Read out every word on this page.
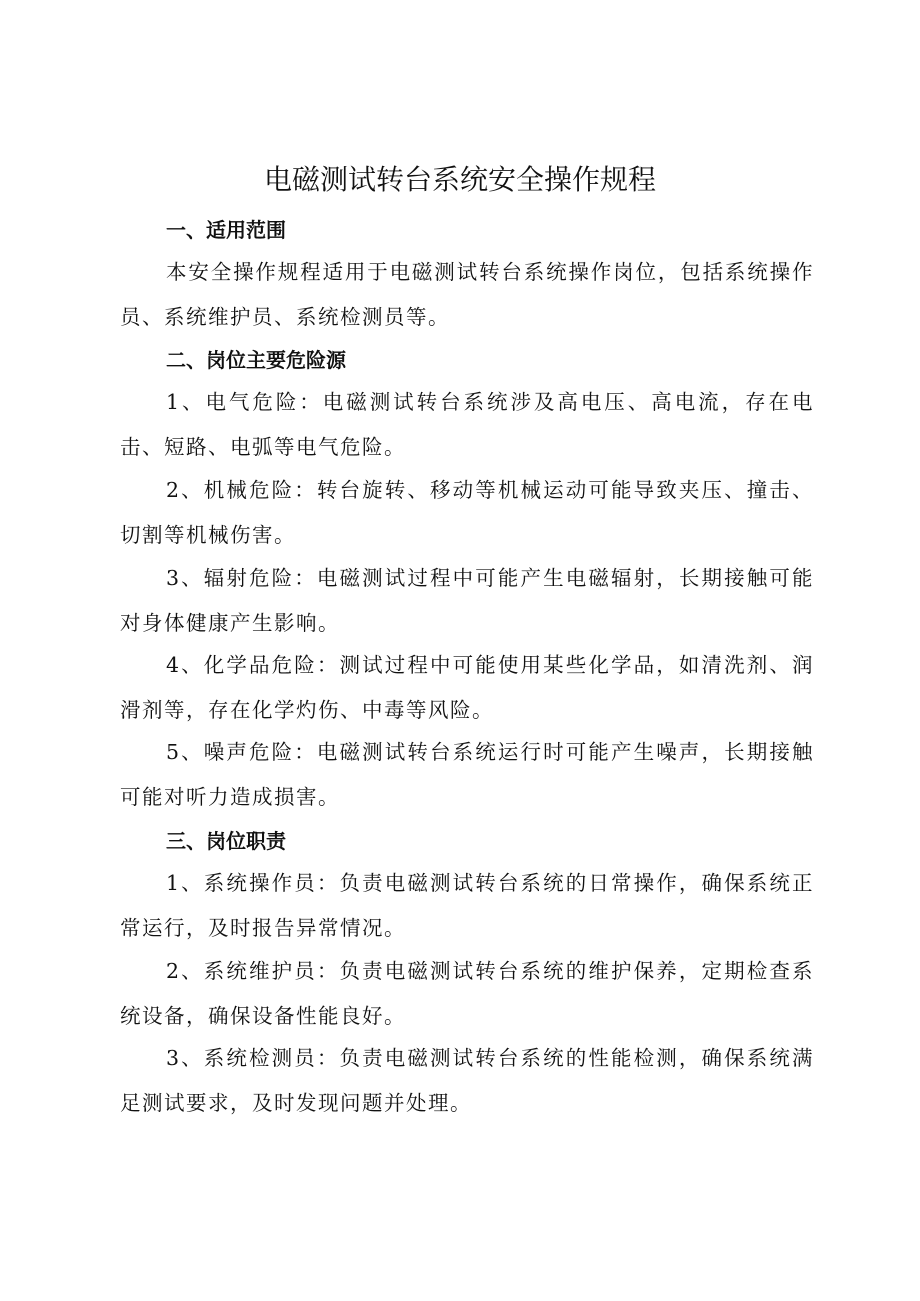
电磁测试转台系统安全操作规程
一、适用范围

本安全操作规程适用于电磁测试转台系统操作岗位，包括系统操作员、系统维护员、系统检测员等。

二、岗位主要危险源

1、电气危险：电磁测试转台系统涉及高电压、高电流，存在电击、短路、电弧等电气危险。

2、机械危险：转台旋转、移动等机械运动可能导致夹压、撞击、切割等机械伤害。

3、辐射危险：电磁测试过程中可能产生电磁辐射，长期接触可能对身体健康产生影响。

4、化学品危险：测试过程中可能使用某些化学品，如清洗剂、润滑剂等，存在化学灼伤、中毒等风险。

5、噪声危险：电磁测试转台系统运行时可能产生噪声，长期接触可能对听力造成损害。

三、岗位职责

1、系统操作员：负责电磁测试转台系统的日常操作，确保系统正常运行，及时报告异常情况。

2、系统维护员：负责电磁测试转台系统的维护保养，定期检查系统设备，确保设备性能良好。

3、系统检测员：负责电磁测试转台系统的性能检测，确保系统满足测试要求，及时发现问题并处理。
